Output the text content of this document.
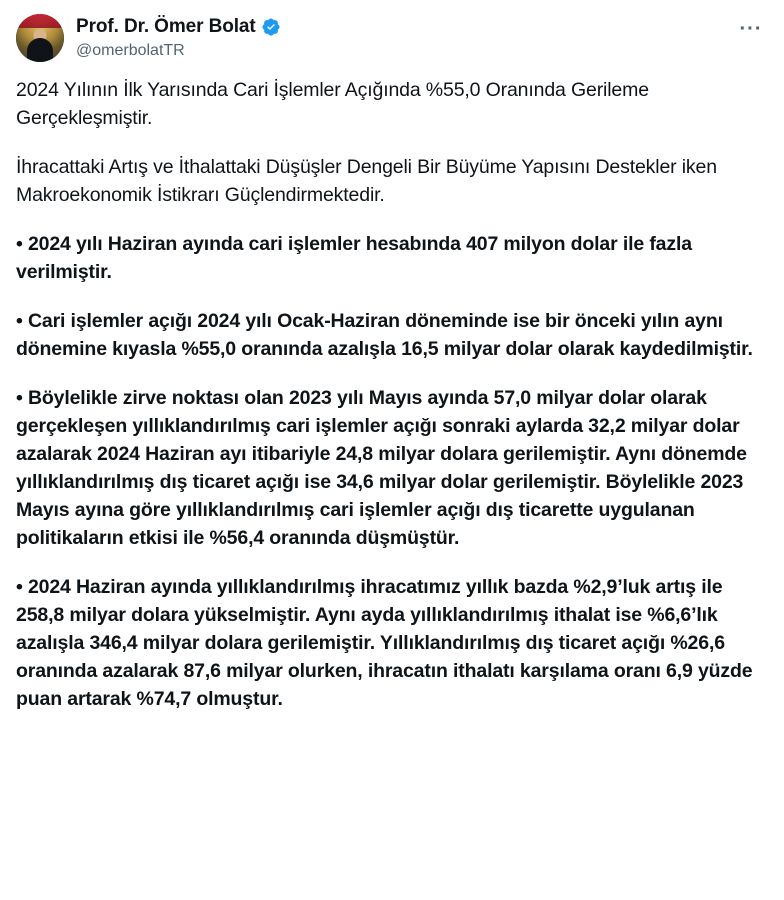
Prof. Dr. Ömer Bolat
@omerbolatTR
···

2024 Yılının İlk Yarısında Cari İşlemler Açığında %55,0 Oranında Gerileme Gerçekleşmiştir.

İhracattaki Artış ve İthalattaki Düşüşler Dengeli Bir Büyüme Yapısını Destekler iken Makroekonomik İstikrarı Güçlendirmektedir.

• 2024 yılı Haziran ayında cari işlemler hesabında 407 milyon dolar ile fazla verilmiştir.

• Cari işlemler açığı 2024 yılı Ocak-Haziran döneminde ise bir önceki yılın aynı dönemine kıyasla %55,0 oranında azalışla 16,5 milyar dolar olarak kaydedilmiştir.

• Böylelikle zirve noktası olan 2023 yılı Mayıs ayında 57,0 milyar dolar olarak gerçekleşen yıllıklandırılmış cari işlemler açığı sonraki aylarda 32,2 milyar dolar azalarak 2024 Haziran ayı itibariyle 24,8 milyar dolara gerilemiştir. Aynı dönemde yıllıklandırılmış dış ticaret açığı ise 34,6 milyar dolar gerilemiştir. Böylelikle 2023 Mayıs ayına göre yıllıklandırılmış cari işlemler açığı dış ticarette uygulanan politikaların etkisi ile %56,4 oranında düşmüştür.

• 2024 Haziran ayında yıllıklandırılmış ihracatımız yıllık bazda %2,9’luk artış ile 258,8 milyar dolara yükselmiştir. Aynı ayda yıllıklandırılmış ithalat ise %6,6’lık azalışla 346,4 milyar dolara gerilemiştir. Yıllıklandırılmış dış ticaret açığı %26,6 oranında azalarak 87,6 milyar olurken, ihracatın ithalatı karşılama oranı 6,9 yüzde puan artarak %74,7 olmuştur.
